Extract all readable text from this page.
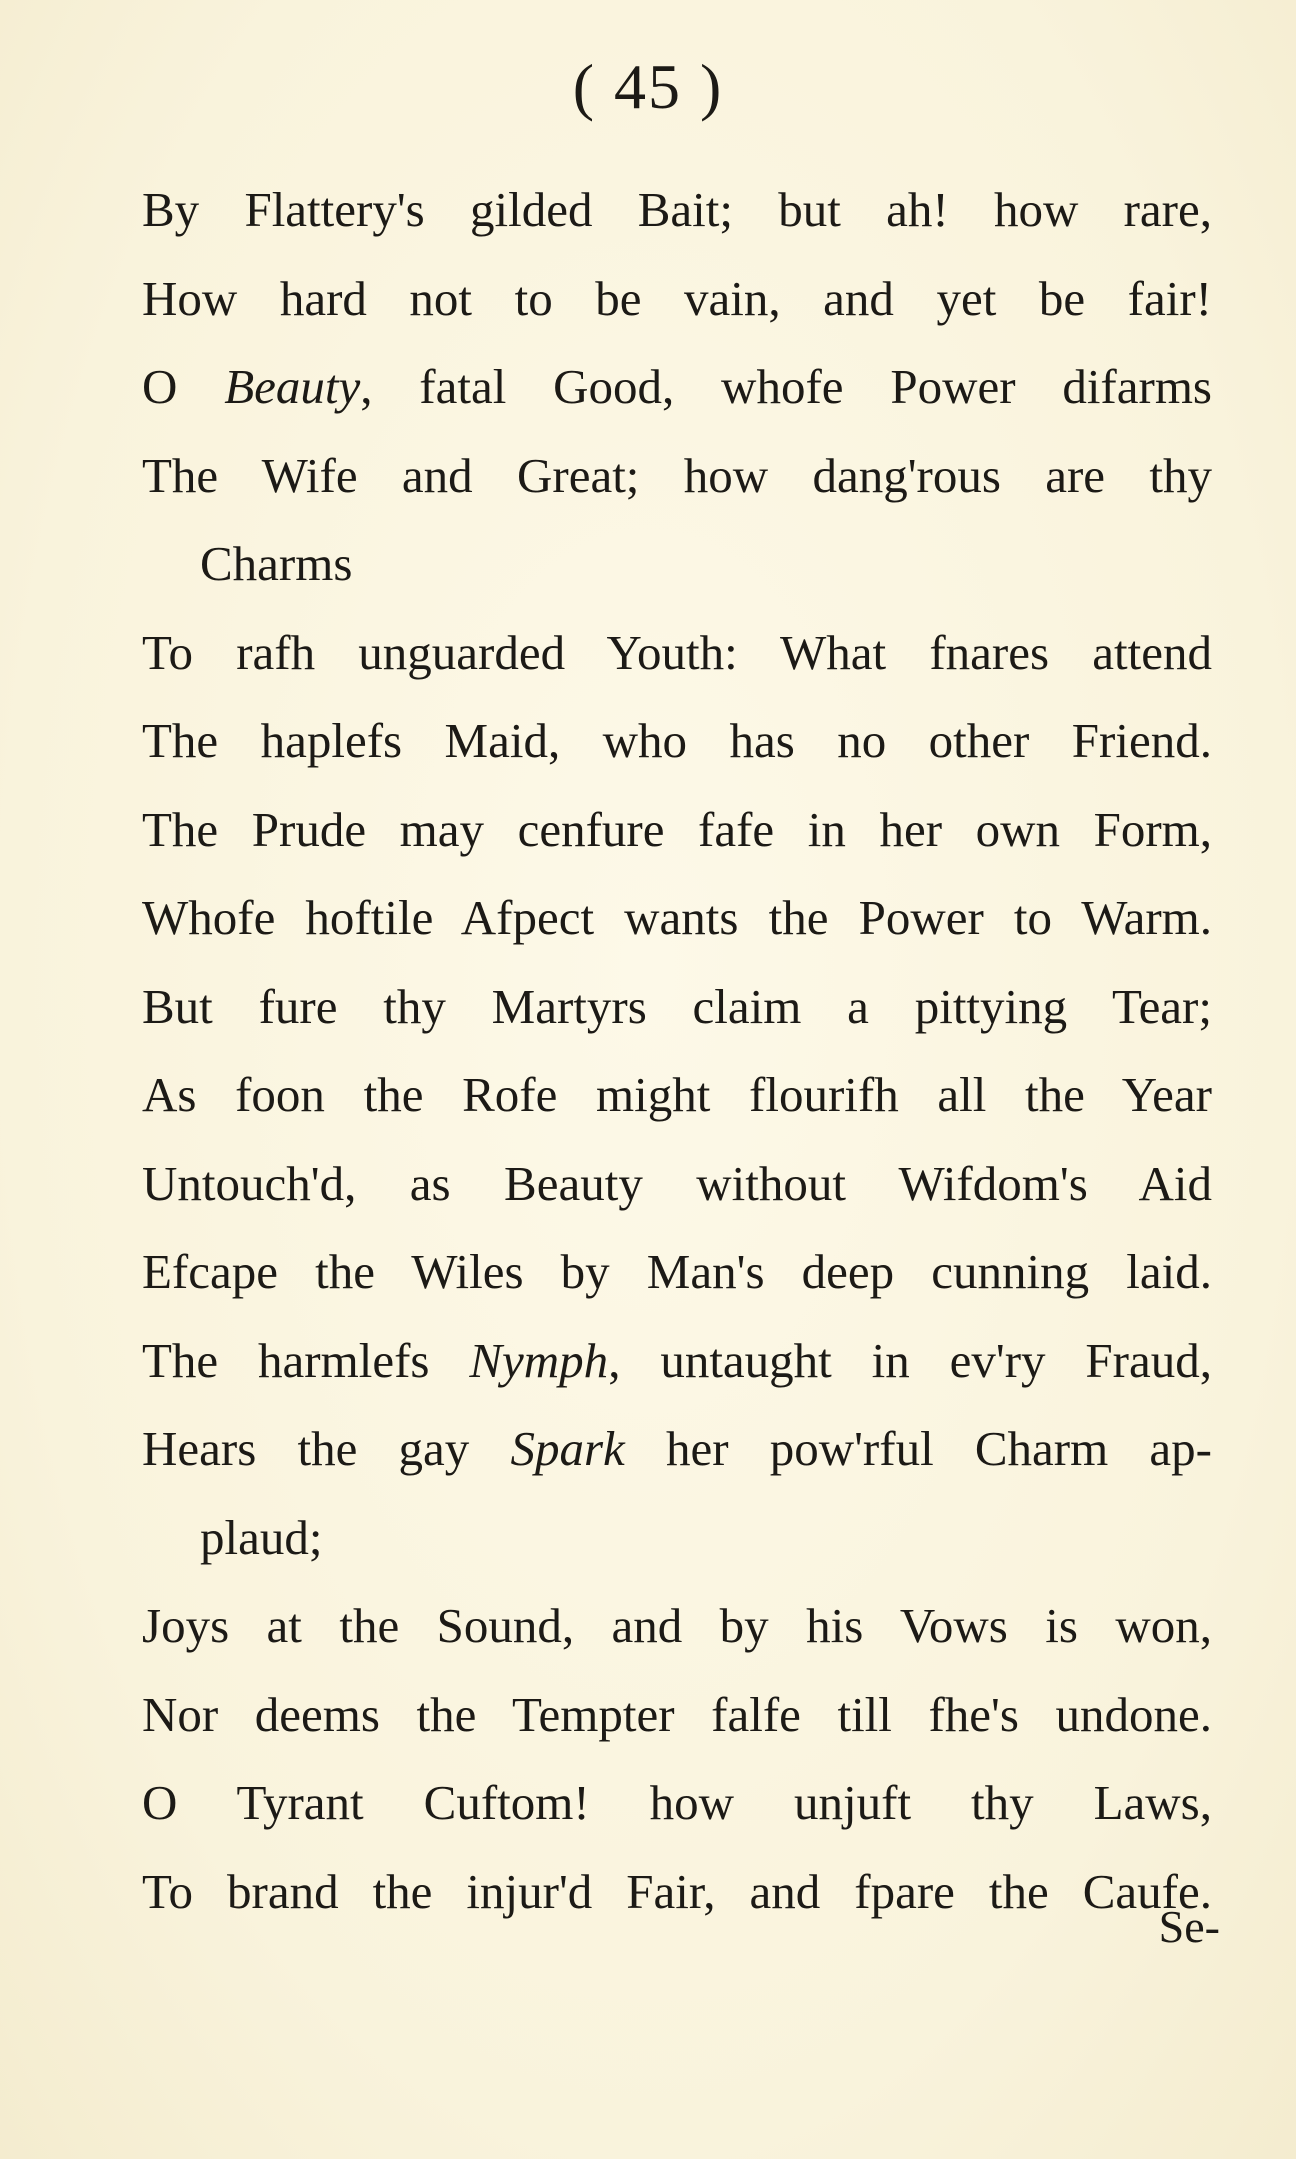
( 45 )
By Flattery's gilded Bait; but ah! how rare,
How hard not to be vain, and yet be fair!
O Beauty, fatal Good, whofe Power difarms
The Wife and Great; how dang'rous are thy
Charms
To rafh unguarded Youth: What fnares attend
The haplefs Maid, who has no other Friend.
The Prude may cenfure fafe in her own Form,
Whofe hoftile Afpect wants the Power to Warm.
But fure thy Martyrs claim a pittying Tear;
As foon the Rofe might flourifh all the Year
Untouch'd, as Beauty without Wifdom's Aid
Efcape the Wiles by Man's deep cunning laid.
The harmlefs Nymph, untaught in ev'ry Fraud,
Hears the gay Spark her pow'rful Charm ap-
plaud;
Joys at the Sound, and by his Vows is won,
Nor deems the Tempter falfe till fhe's undone.
O Tyrant Cuftom! how unjuft thy Laws,
To brand the injur'd Fair, and fpare the Caufe.
Se-
